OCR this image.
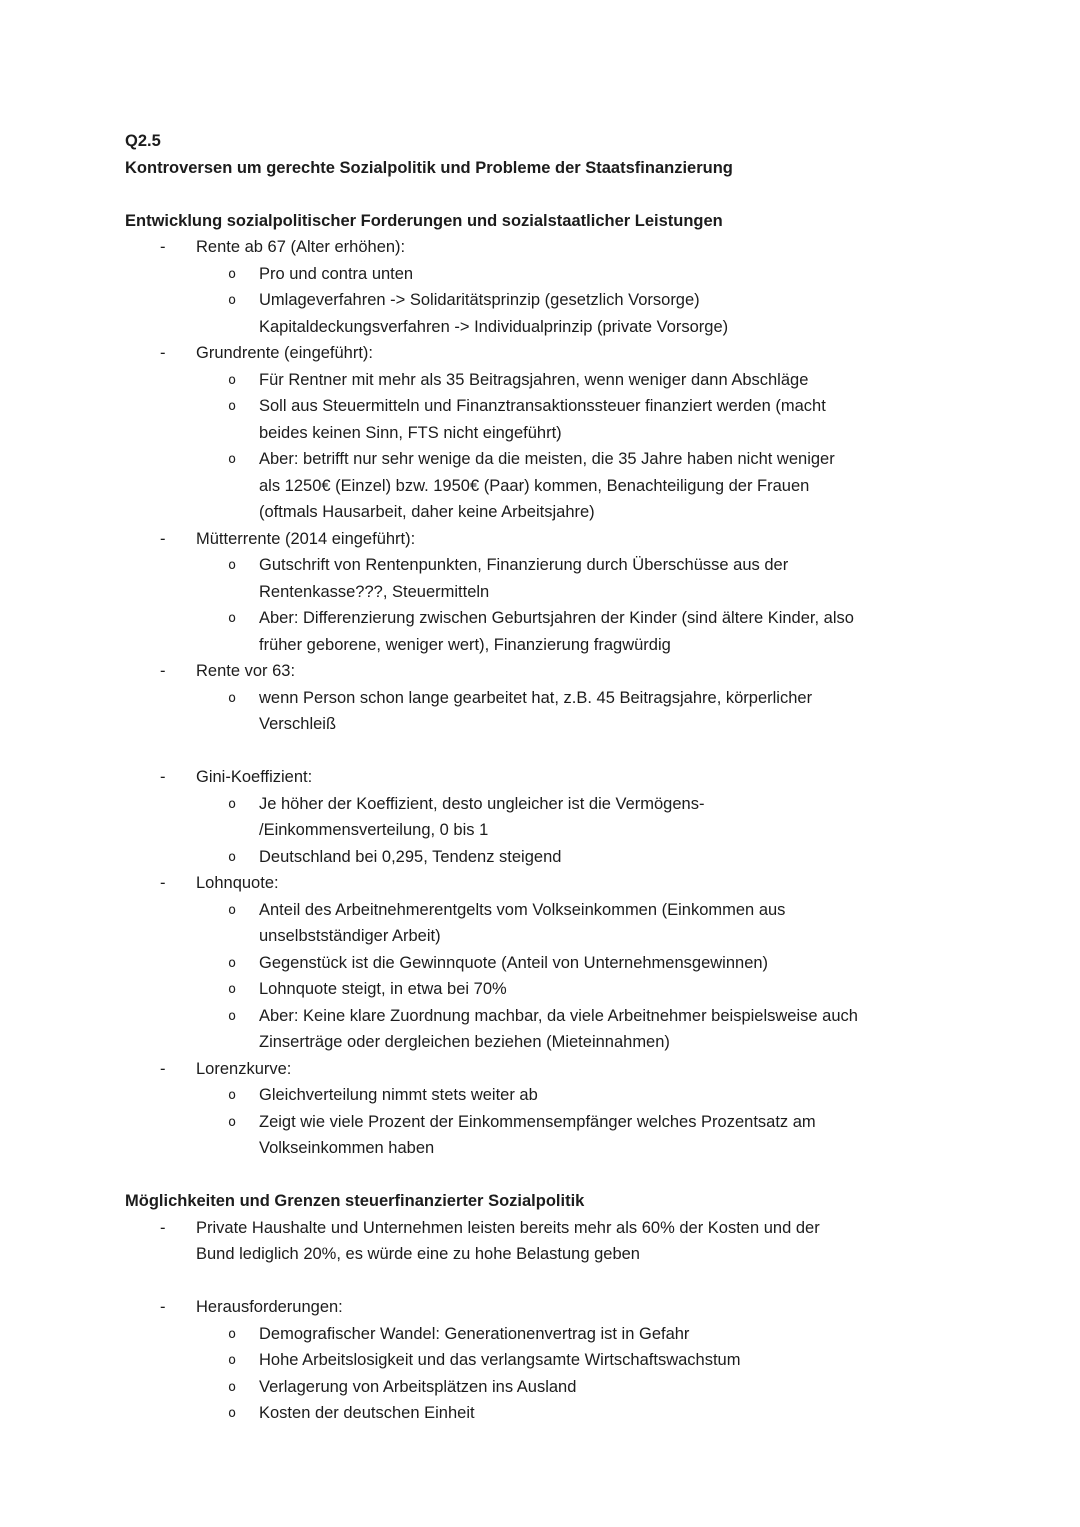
Q2.5
Kontroversen um gerechte Sozialpolitik und Probleme der Staatsfinanzierung
Entwicklung sozialpolitischer Forderungen und sozialstaatlicher Leistungen
- Rente ab 67 (Alter erhöhen):
o Pro und contra unten
o Umlageverfahren -> Solidaritätsprinzip (gesetzlich Vorsorge)
Kapitaldeckungsverfahren -> Individualprinzip (private Vorsorge)
- Grundrente (eingeführt):
o Für Rentner mit mehr als 35 Beitragsjahren, wenn weniger dann Abschläge
o Soll aus Steuermitteln und Finanztransaktionssteuer finanziert werden (macht
beides keinen Sinn, FTS nicht eingeführt)
o Aber: betrifft nur sehr wenige da die meisten, die 35 Jahre haben nicht weniger
als 1250€ (Einzel) bzw. 1950€ (Paar) kommen, Benachteiligung der Frauen
(oftmals Hausarbeit, daher keine Arbeitsjahre)
- Mütterrente (2014 eingeführt):
o Gutschrift von Rentenpunkten, Finanzierung durch Überschüsse aus der
Rentenkasse???, Steuermitteln
o Aber: Differenzierung zwischen Geburtsjahren der Kinder (sind ältere Kinder, also
früher geborene, weniger wert), Finanzierung fragwürdig
- Rente vor 63:
o wenn Person schon lange gearbeitet hat, z.B. 45 Beitragsjahre, körperlicher
Verschleiß
- Gini-Koeffizient:
o Je höher der Koeffizient, desto ungleicher ist die Vermögens-
/Einkommensverteilung, 0 bis 1
o Deutschland bei 0,295, Tendenz steigend
- Lohnquote:
o Anteil des Arbeitnehmerentgelts vom Volkseinkommen (Einkommen aus
unselbstständiger Arbeit)
o Gegenstück ist die Gewinnquote (Anteil von Unternehmensgewinnen)
o Lohnquote steigt, in etwa bei 70%
o Aber: Keine klare Zuordnung machbar, da viele Arbeitnehmer beispielsweise auch
Zinserträge oder dergleichen beziehen (Mieteinnahmen)
- Lorenzkurve:
o Gleichverteilung nimmt stets weiter ab
o Zeigt wie viele Prozent der Einkommensempfänger welches Prozentsatz am
Volkseinkommen haben
Möglichkeiten und Grenzen steuerfinanzierter Sozialpolitik
- Private Haushalte und Unternehmen leisten bereits mehr als 60% der Kosten und der
Bund lediglich 20%, es würde eine zu hohe Belastung geben
- Herausforderungen:
o Demografischer Wandel: Generationenvertrag ist in Gefahr
o Hohe Arbeitslosigkeit und das verlangsamte Wirtschaftswachstum
o Verlagerung von Arbeitsplätzen ins Ausland
o Kosten der deutschen Einheit
